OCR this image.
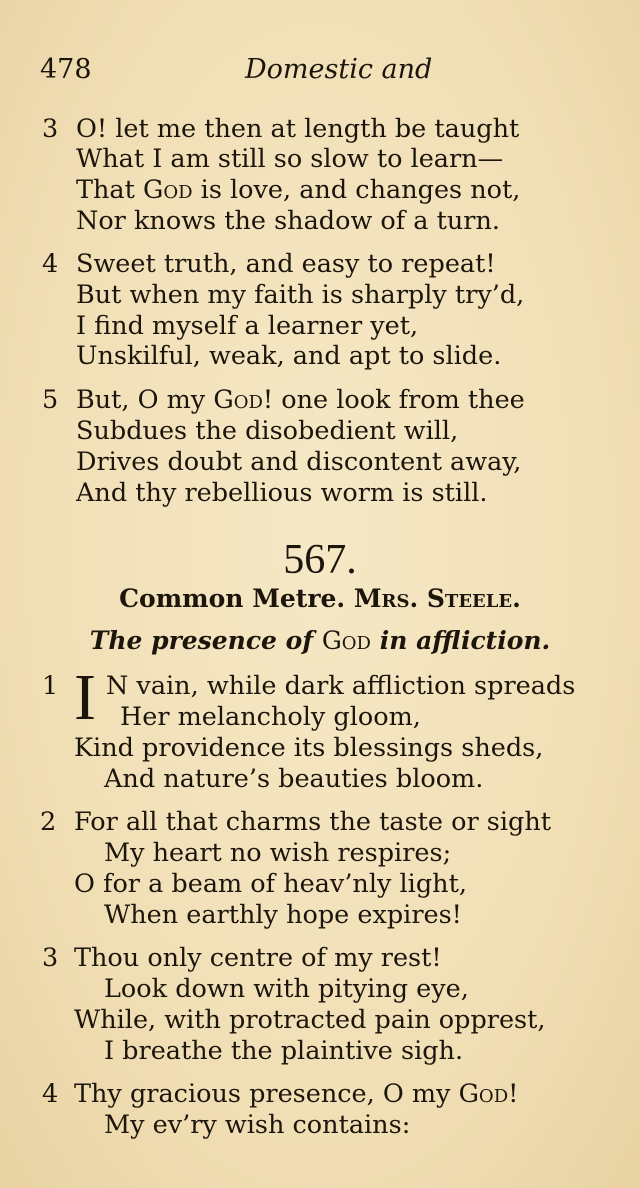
478	Domestic and
3 O! let me then at length be taught
What I am still so slow to learn—
That God is love, and changes not,
Nor knows the shadow of a turn.
4 Sweet truth, and easy to repeat!
But when my faith is sharply try’d,
I find myself a learner yet,
Unskilful, weak, and apt to slide.
5 But, O my God! one look from thee
Subdues the disobedient will,
Drives doubt and discontent away,
And thy rebellious worm is still.
567.
Common Metre. Mrs. Steele.
The presence of God in affliction.
1 I N vain, while dark affliction spreads
Her melancholy gloom,
Kind providence its blessings sheds,
And nature’s beauties bloom.
2 For all that charms the taste or sight
My heart no wish respires;
O for a beam of heav’nly light,
When earthly hope expires!
3 Thou only centre of my rest!
Look down with pitying eye,
While, with protracted pain opprest,
I breathe the plaintive sigh.
4 Thy gracious presence, O my God!
My ev’ry wish contains:
